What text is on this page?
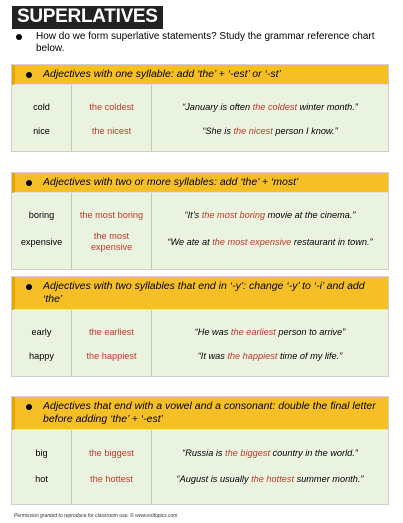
SUPERLATIVES
How do we form superlative statements? Study the grammar reference chart below.
Adjectives with one syllable: add ‘the’ + ‘-est’ or ‘-st’
cold
nice
the coldest
the nicest
“January is often the coldest winter month.”
“She is the nicest person I know.”
Adjectives with two or more syllables: add ‘the’ + ‘most’
boring
expensive
the most boring
the most expensive
“It’s the most boring movie at the cinema.”
“We ate at the most expensive restaurant in town.”
Adjectives with two syllables that end in ‘-y’: change ‘-y’ to ‘-i’ and add ‘the’
early
happy
the earliest
the happiest
“He was the earliest person to arrive”
“It was the happiest time of my life.”
Adjectives that end with a vowel and a consonant: double the final letter before adding ‘the’ + ‘-est’
big
hot
the biggest
the hottest
“Russia is the biggest country in the world.”
“August is usually the hottest summer month.”
Permission granted to reproduce for classroom use. © www.esltopics.com
